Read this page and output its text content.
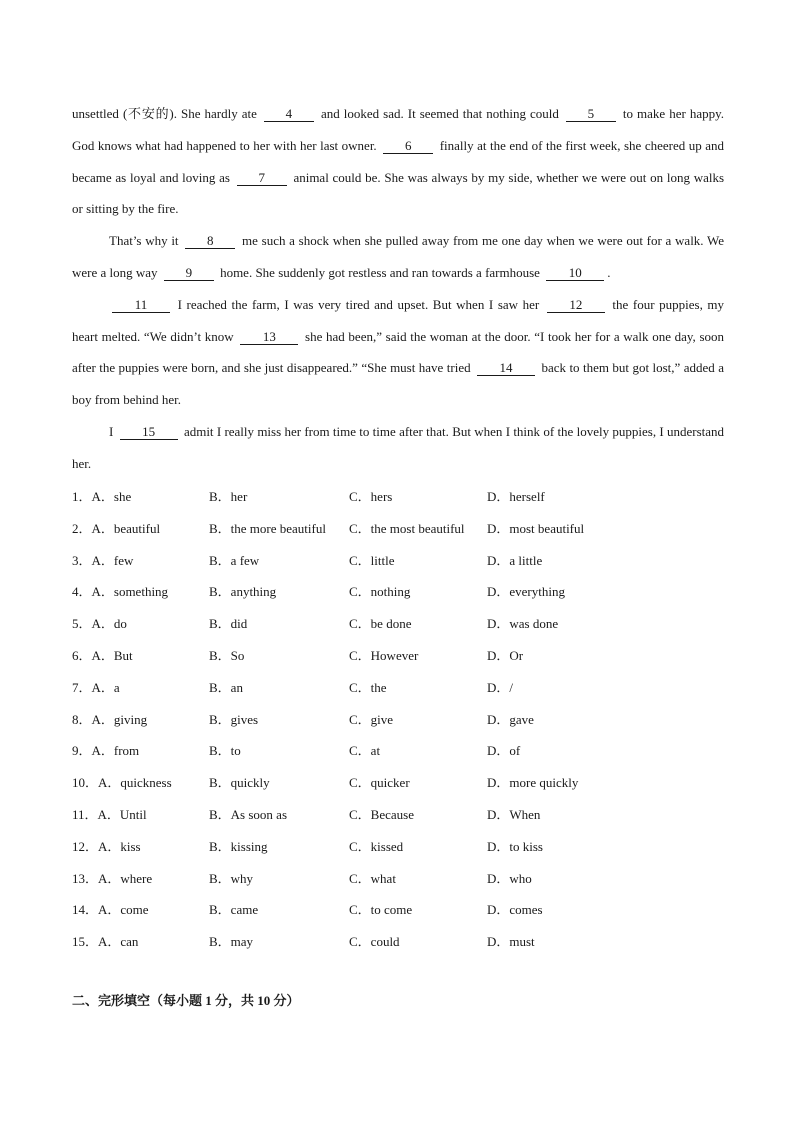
unsettled (不安的). She hardly ate 4 and looked sad. It seemed that nothing could 5 to make her happy. God knows what had happened to her with her last owner. 6 finally at the end of the first week, she cheered up and became as loyal and loving as 7 animal could be. She was always by my side, whether we were out on long walks or sitting by the fire.

That’s why it 8 me such a shock when she pulled away from me one day when we were out for a walk. We were a long way 9 home. She suddenly got restless and ran towards a farmhouse 10 .

11 I reached the farm, I was very tired and upset. But when I saw her 12 the four puppies, my heart melted. “We didn’t know 13 she had been,” said the woman at the door. “I took her for a walk one day, soon after the puppies were born, and she just disappeared.” “She must have tried 14 back to them but got lost,” added a boy from behind her.

I 15 admit I really miss her from time to time after that. But when I think of the lovely puppies, I understand her.

1．A．she	B．her	C．hers	D．herself
2．A．beautiful	B．the more beautiful	C．the most beautiful	D．most beautiful
3．A．few	B．a few	C．little	D．a little
4．A．something	B．anything	C．nothing	D．everything
5．A．do	B．did	C．be done	D．was done
6．A．But	B．So	C．However	D．Or
7．A．a	B．an	C．the	D．/
8．A．giving	B．gives	C．give	D．gave
9．A．from	B．to	C．at	D．of
10．A．quickness	B．quickly	C．quicker	D．more quickly
11．A．Until	B．As soon as	C．Because	D．When
12．A．kiss	B．kissing	C．kissed	D．to kiss
13．A．where	B．why	C．what	D．who
14．A．come	B．came	C．to come	D．comes
15．A．can	B．may	C．could	D．must
二、完形填空（每小题 1 分，共 10 分）
